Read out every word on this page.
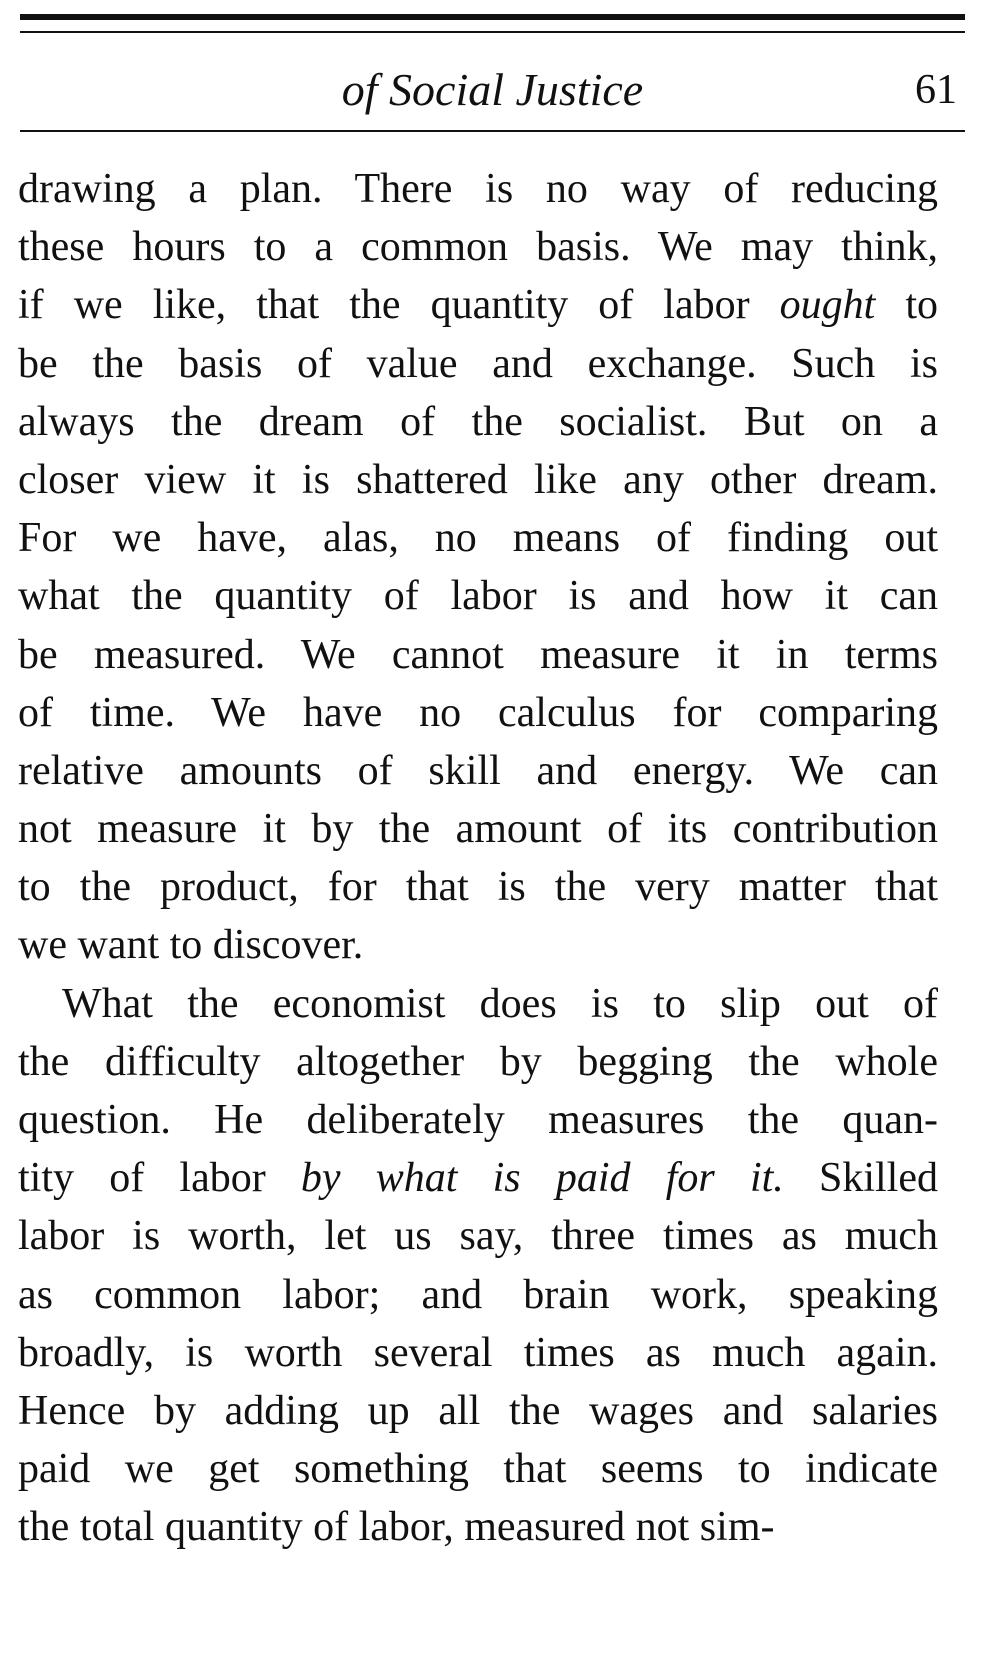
of Social Justice	61
drawing a plan. There is no way of reducing
these hours to a common basis. We may think,
if we like, that the quantity of labor ought to
be the basis of value and exchange. Such is
always the dream of the socialist. But on a
closer view it is shattered like any other dream.
For we have, alas, no means of finding out
what the quantity of labor is and how it can
be measured. We cannot measure it in terms
of time. We have no calculus for comparing
relative amounts of skill and energy. We can
not measure it by the amount of its contribution
to the product, for that is the very matter that
we want to discover.
What the economist does is to slip out of
the difficulty altogether by begging the whole
question. He deliberately measures the quan-
tity of labor by what is paid for it. Skilled
labor is worth, let us say, three times as much
as common labor; and brain work, speaking
broadly, is worth several times as much again.
Hence by adding up all the wages and salaries
paid we get something that seems to indicate
the total quantity of labor, measured not sim-
